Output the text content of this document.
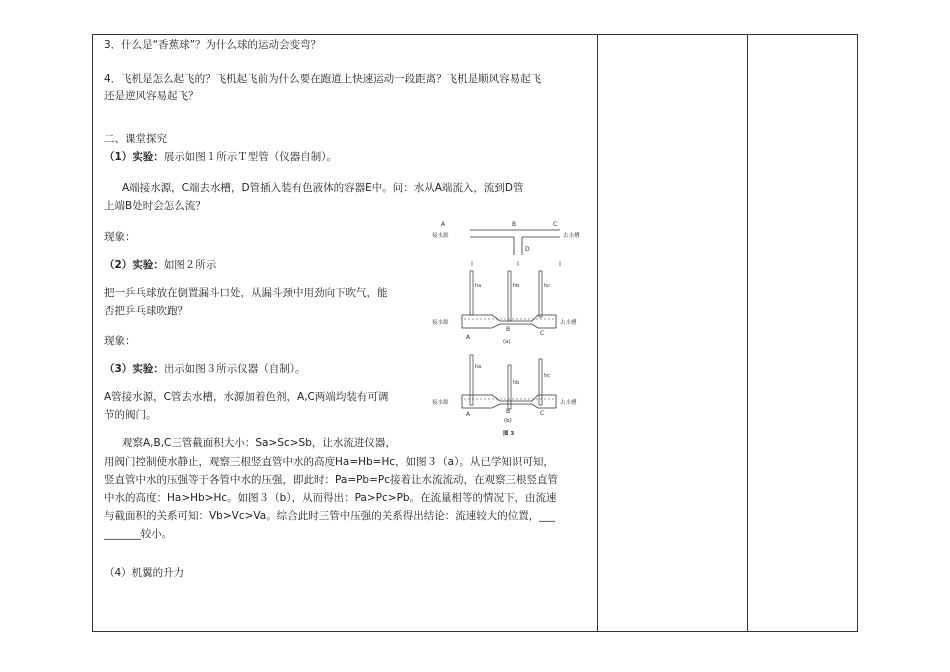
3．什么是“香蕉球”？为什么球的运动会变弯？
4．飞机是怎么起飞的？飞机起飞前为什么要在跑道上快速运动一段距离？飞机是顺风容易起飞
还是逆风容易起飞？
二、课堂探究
（1）实验：展示如图１所示Ｔ型管（仪器自制）。
A端接水源，C端去水槽，D管插入装有色液体的容器E中。问：水从A端流入，流到D管
上端B处时会怎么流？
现象：
（2）实验：如图２所示
把一乒乓球放在倒置漏斗口处，从漏斗颈中用劲向下吹气，能
否把乒乓球吹跑？
现象：
（3）实验：出示如图３所示仪器（自制）。
A管接水源，C管去水槽，水源加着色剂，A,C两端均装有可调
节的阀门。
观察A,B,C三管截面积大小：Sa>Sc>Sb，让水流进仪器，
用阀门控制使水静止，观察三根竖直管中水的高度Ha=Hb=Hc，如图３（a）。从已学知识可知，
竖直管中水的压强等于各管中水的压强，即此时：Pa=Pb=Pc接着让水流流动，在观察三根竖直管
中水的高度：Ha>Hb>Hc。如图３（b），从而得出：Pa>Pc>Pb。在流量相等的情况下，由流速
与截面积的关系可知：Vb>Vc>Va。综合此时三管中压强的关系得出结论：流速较大的位置，___
_______较小。
（4）机翼的升力
A	B	C
接水源	去水槽
D
ha	hb	hc
接水源	去水槽
A
B
C
(a)
ha
hb
hc
接水源	去水槽
A	B	C
(b)
图 3
